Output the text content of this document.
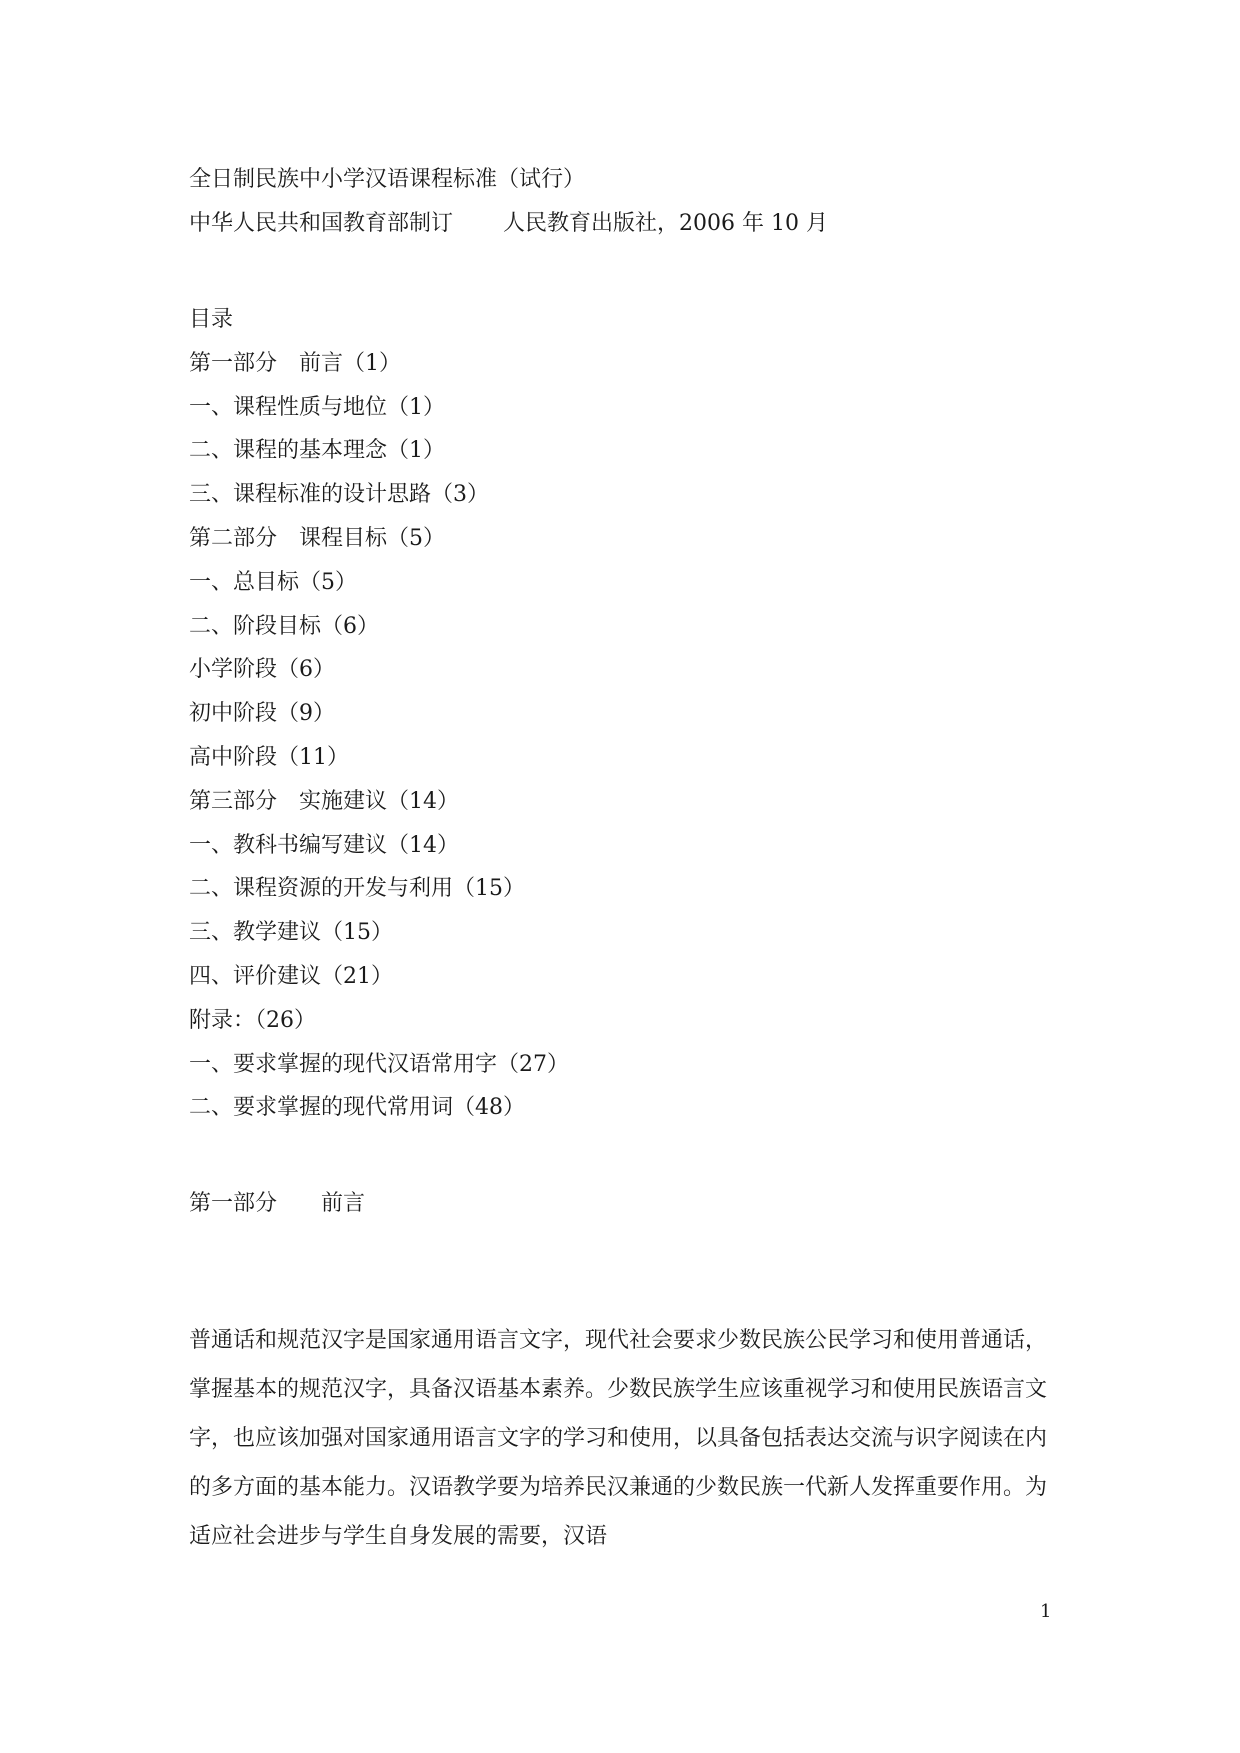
全日制民族中小学汉语课程标准（试行）

中华人民共和国教育部制订 人民教育出版社，2006 年 10 月

目录

第一部分　前言（1）

一、课程性质与地位（1）

二、课程的基本理念（1）

三、课程标准的设计思路（3）

第二部分　课程目标（5）

一、总目标（5）

二、阶段目标（6）

小学阶段（6）

初中阶段（9）

高中阶段（11）

第三部分　实施建议（14）

一、教科书编写建议（14）

二、课程资源的开发与利用（15）

三、教学建议（15）

四、评价建议（21）

附录：（26）

一、要求掌握的现代汉语常用字（27）

二、要求掌握的现代常用词（48）

第一部分　　前言

普通话和规范汉字是国家通用语言文字，现代社会要求少数民族公民学习和使用普通话，掌握基本的规范汉字，具备汉语基本素养。少数民族学生应该重视学习和使用民族语言文字，也应该加强对国家通用语言文字的学习和使用，以具备包括表达交流与识字阅读在内的多方面的基本能力。汉语教学要为培养民汉兼通的少数民族一代新人发挥重要作用。为适应社会进步与学生自身发展的需要，汉语

1
